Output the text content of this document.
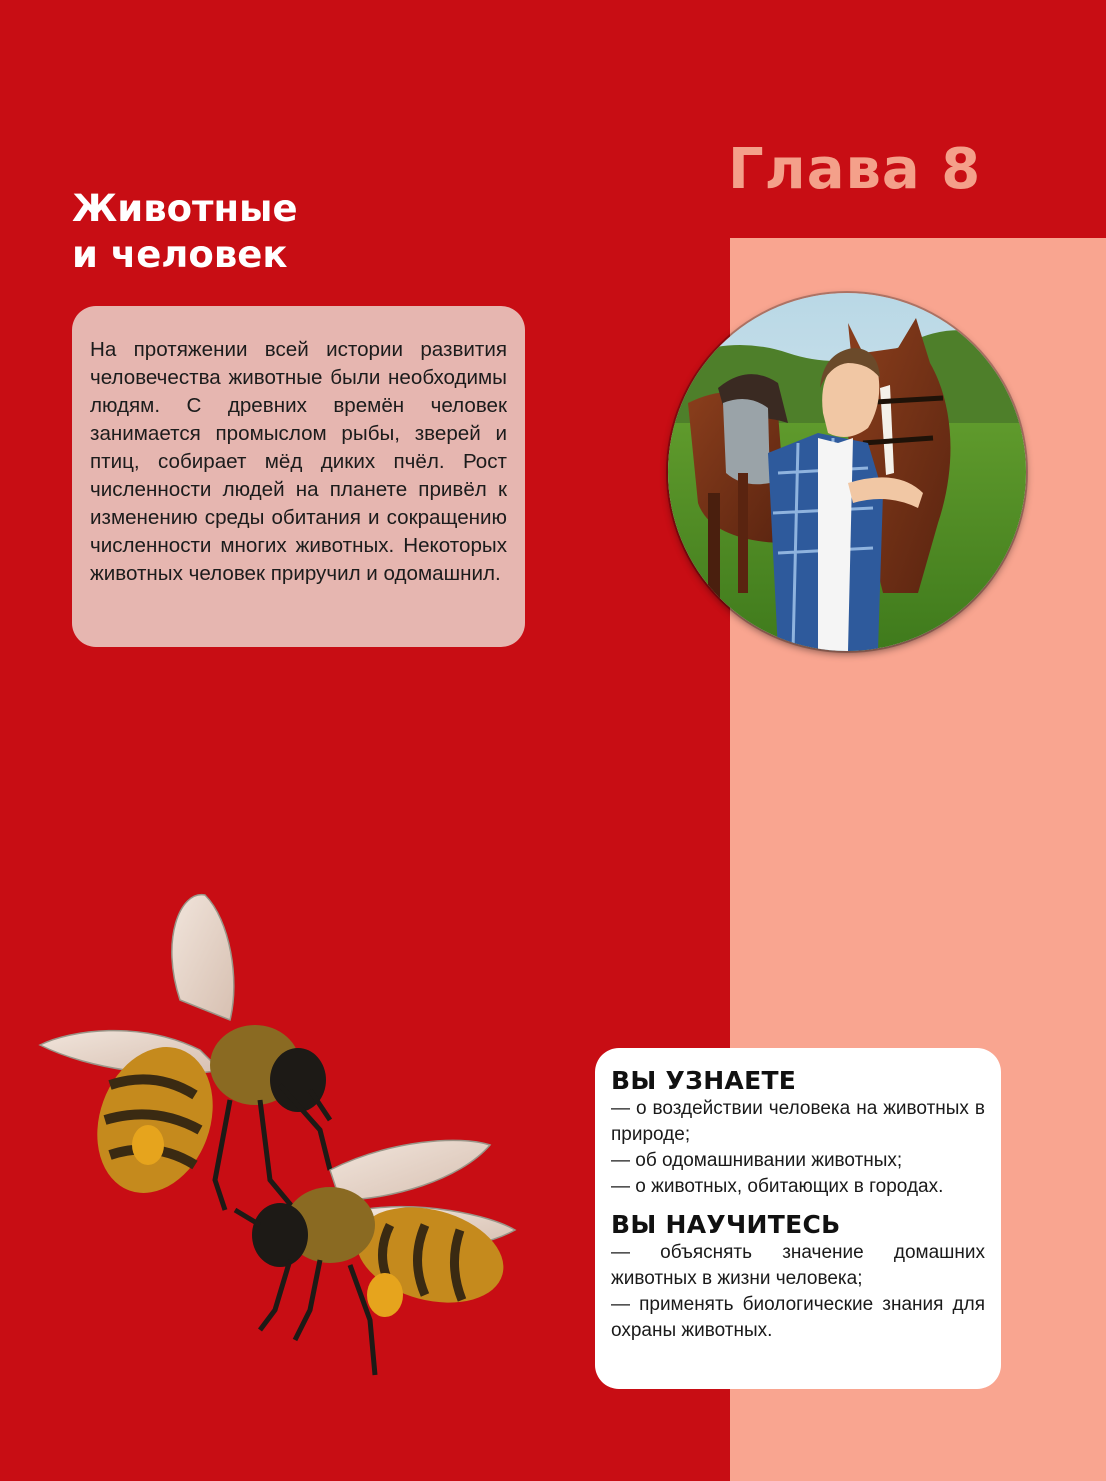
Глава 8
Животные
и человек

На протяжении всей истории развития человечества животные были необходимы людям. С древних времён человек занимается промыслом рыбы, зверей и птиц, собирает мёд диких пчёл. Рост численности людей на планете привёл к изменению среды обитания и сокращению численности многих животных. Некоторых животных человек приручил и одомашнил.

ВЫ УЗНАЕТЕ
— о воздействии человека на животных в природе;
— об одомашнивании животных;
— о животных, обитающих в городах.
ВЫ НАУЧИТЕСЬ
— объяснять значение домашних животных в жизни человека;
— применять биологические знания для охраны животных.
